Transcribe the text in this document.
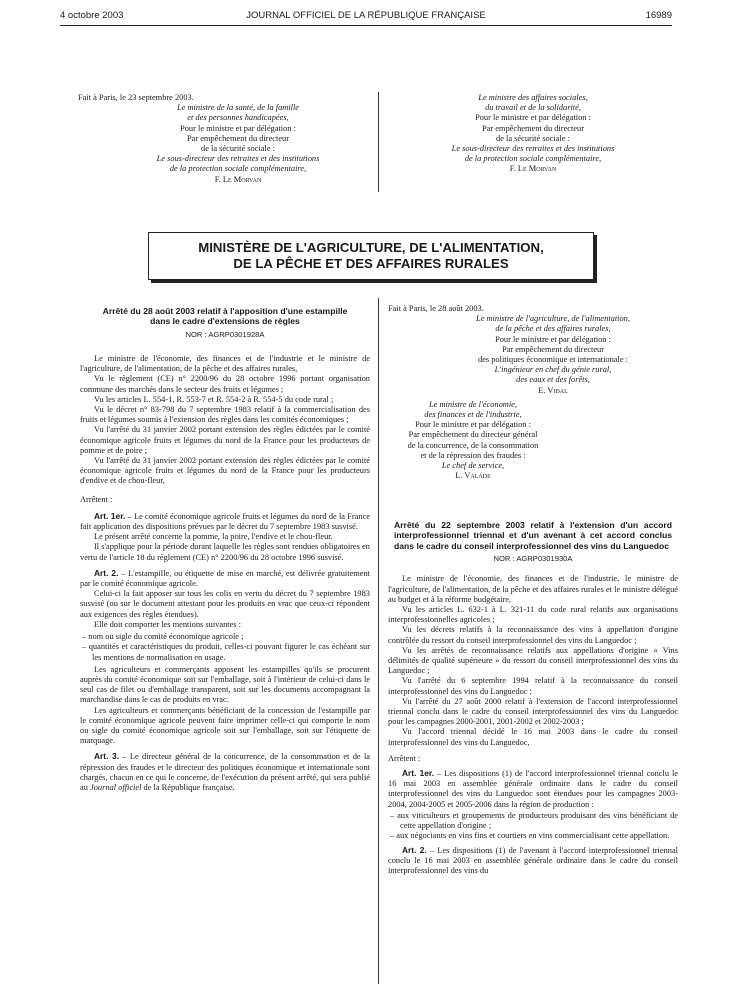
4 octobre 2003	JOURNAL OFFICIEL DE LA RÉPUBLIQUE FRANÇAISE	16989

Fait à Paris, le 23 septembre 2003.

Le ministre de la santé, de la famille
et des personnes handicapées,
Pour le ministre et par délégation :
Par empêchement du directeur
de la sécurité sociale :
Le sous-directeur des retraites et des institutions
de la protection sociale complémentaire,
F. Le Morvan
Le ministre des affaires sociales,
du travail et de la solidarité,
Pour le ministre et par délégation :
Par empêchement du directeur
de la sécurité sociale :
Le sous-directeur des retraites et des institutions
de la protection sociale complémentaire,
F. Le Morvan
MINISTÈRE DE L'AGRICULTURE, DE L'ALIMENTATION,
DE LA PÊCHE ET DES AFFAIRES RURALES
Arrêté du 28 août 2003 relatif à l'apposition d'une estampille dans le cadre d'extensions de règles
NOR : AGRP0301928A

Le ministre de l'économie, des finances et de l'industrie et le ministre de l'agriculture, de l'alimentation, de la pêche et des affaires rurales,

Vu le règlement (CE) n° 2200/96 du 28 octobre 1996 portant organisation commune des marchés dans le secteur des fruits et légumes ;

Vu les articles L. 554-1, R. 553-7 et R. 554-2 à R. 554-5 du code rural ;

Vu le décret n° 83-798 du 7 septembre 1983 relatif à la commercialisation des fruits et légumes soumis à l'extension des règles dans les comités économiques ;

Vu l'arrêté du 31 janvier 2002 portant extension des règles édictées par le comité économique agricole fruits et légumes du nord de la France pour les producteurs de pomme et de poire ;

Vu l'arrêté du 31 janvier 2002 portant extension des règles édictées par le comité économique agricole fruits et légumes du nord de la France pour les producteurs d'endive et de chou-fleur,

Arrêtent :

Art. 1er. – Le comité économique agricole fruits et légumes du nord de la France fait application des dispositions prévues par le décret du 7 septembre 1983 susvisé.

Le présent arrêté concerne la pomme, la poire, l'endive et le chou-fleur.

Il s'applique pour la période durant laquelle les règles sont rendues obligatoires en vertu de l'article 18 du règlement (CE) n° 2200/96 du 28 octobre 1996 susvisé.

Art. 2. – L'estampille, ou étiquette de mise en marché, est délivrée gratuitement par le comité économique agricole.

Celui-ci la fait apposer sur tous les colis en vertu du décret du 7 septembre 1983 susvisé (ou sur le document attestant pour les produits en vrac que ceux-ci répondent aux exigences des règles étendues).

Elle doit comporter les mentions suivantes :

– nom ou sigle du comité économique agricole ;
– quantités et caractéristiques du produit, celles-ci pouvant figurer le cas échéant sur les mentions de normalisation en usage.

Les agriculteurs et commerçants apposent les estampilles qu'ils se procurent auprès du comité économique soit sur l'emballage, soit à l'intérieur de celui-ci dans le seul cas de filet ou d'emballage transparent, soit sur les documents accompagnant la marchandise dans le cas de produits en vrac.

Les agriculteurs et commerçants bénéficiant de la concession de l'estampille par le comité économique agricole peuvent faire imprimer celle-ci qui comporte le nom ou sigle du comité économique agricole soit sur l'emballage, soit sur l'étiquette de marquage.

Art. 3. – Le directeur général de la concurrence, de la consommation et de la répression des fraudes et le directeur des politiques économique et internationale sont chargés, chacun en ce qui le concerne, de l'exécution du présent arrêté, qui sera publié au Journal officiel de la République française.

Fait à Paris, le 28 août 2003.

Le ministre de l'agriculture, de l'alimentation,
de la pêche et des affaires rurales,
Pour le ministre et par délégation :
Par empêchement du directeur
des politiques économique et internationale :
L'ingénieur en chef du génie rural,
des eaux et des forêts,
E. Vidal
Le ministre de l'économie,
des finances et de l'industrie,
Pour le ministre et par délégation :
Par empêchement du directeur général
de la concurrence, de la consommation
et de la répression des fraudes :
Le chef de service,
L. Valade
Arrêté du 22 septembre 2003 relatif à l'extension d'un accord interprofessionnel triennal et d'un avenant à cet accord conclus dans le cadre du conseil interprofessionnel des vins du Languedoc
NOR : AGRP0301930A

Le ministre de l'économie, des finances et de l'industrie, le ministre de l'agriculture, de l'alimentation, de la pêche et des affaires rurales et le ministre délégué au budget et à la réforme budgétaire,

Vu les articles L. 632-1 à L. 321-11 du code rural relatifs aux organisations interprofessionnelles agricoles ;

Vu les décrets relatifs à la reconnaissance des vins à appellation d'origine contrôlée du ressort du conseil interprofessionnel des vins du Languedoc ;

Vu les arrêtés de reconnaissance relatifs aux appellations d'origine « Vins délimités de qualité supérieure » du ressort du conseil interprofessionnel des vins du Languedoc ;

Vu l'arrêté du 6 septembre 1994 relatif à la reconnaissance du conseil interprofessionnel des vins du Languedoc ;

Vu l'arrêté du 27 août 2000 relatif à l'extension de l'accord interprofessionnel triennal conclu dans le cadre du conseil interprofessionnel des vins du Languedoc pour les campagnes 2000-2001, 2001-2002 et 2002-2003 ;

Vu l'accord triennal décidé le 16 mai 2003 dans le cadre du conseil interprofessionnel des vins du Languedoc,

Arrêtent :

Art. 1er. – Les dispositions (1) de l'accord interprofessionnel triennal conclu le 16 mai 2003 en assemblée générale ordinaire dans le cadre du conseil interprofessionnel des vins du Languedoc sont étendues pour les campagnes 2003-2004, 2004-2005 et 2005-2006 dans la région de production :

– aux viticulteurs et groupements de producteurs produisant des vins bénéficiant de cette appellation d'origine ;
– aux négociants en vins fins et courtiers en vins commercialisant cette appellation.

Art. 2. – Les dispositions (1) de l'avenant à l'accord interprofessionnel triennal conclu le 16 mai 2003 en assemblée générale ordinaire dans le cadre du conseil interprofessionnel des vins du
